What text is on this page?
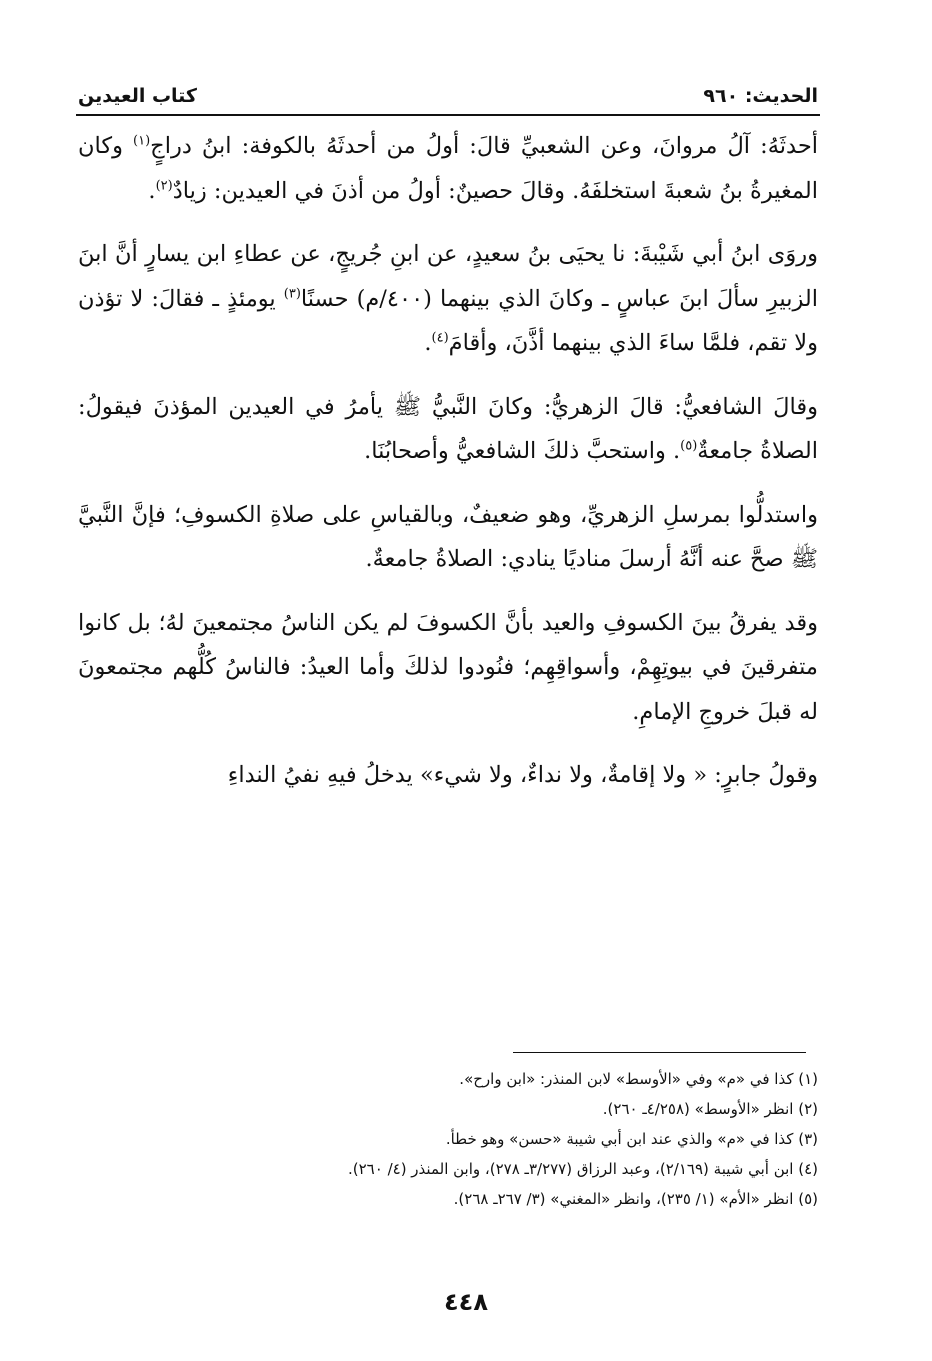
الحديث: ٩٦٠
كتاب العيدين

أحدثَهُ: آلُ مروانَ، وعن الشعبيِّ قالَ: أولُ من أحدثَهُ بالكوفة: ابنُ دراجٍ$^{(١)}$ وكان المغيرةُ بنُ شعبةَ استخلفَهُ. وقالَ حصينٌ: أولُ من أذنَ في العيدين: زيادٌ$^{(٢)}$.

وروَى ابنُ أبي شَيْبةَ: نا يحيَى بنُ سعيدٍ، عن ابنِ جُريجٍ، عن عطاءِ ابن يسارٍ أنَّ ابنَ الزبيرِ سألَ ابنَ عباسٍ ـ وكانَ الذي بينهما (٤٠٠/م) حسنًا$^{(٣)}$ يومئذٍ ـ فقالَ: لا تؤذن ولا تقم، فلمَّا ساءَ الذي بينهما أذَّنَ، وأقامَ$^{(٤)}$.

وقالَ الشافعيُّ: قالَ الزهريُّ: وكانَ النَّبيُّ ﷺ يأمرُ في العيدين المؤذنَ فيقولُ: الصلاةُ جامعةٌ$^{(٥)}$. واستحبَّ ذلكَ الشافعيُّ وأصحابُنَا.

واستدلُّوا بمرسلِ الزهريِّ، وهو ضعيفٌ، وبالقياسِ على صلاةِ الكسوفِ؛ فإنَّ النَّبيَّ ﷺ صحَّ عنه أنَّهُ أرسلَ مناديًا ينادي: الصلاةُ جامعةٌ.

وقد يفرقُ بينَ الكسوفِ والعيد بأنَّ الكسوفَ لم يكن الناسُ مجتمعينَ لهُ؛ بل كانوا متفرقينَ في بيوتِهِمْ، وأسواقِهِم؛ فنُودوا لذلكَ وأما العيدُ: فالناسُ كُلُّهم مجتمعونَ له قبلَ خروجِ الإمامِ.

وقولُ جابرٍ: « ولا إقامةٌ، ولا نداءٌ، ولا شيء» يدخلُ فيهِ نفيُ النداءِ

(١) كذا في «م» وفي «الأوسط» لابن المنذر: «ابن وارح».
(٢) انظر «الأوسط» (٤/٢٥٨ـ ٢٦٠).
(٣) كذا في «م» والذي عند ابن أبي شيبة «حسن» وهو خطأ.
(٤) ابن أبي شيبة (٢/١٦٩)، وعبد الرزاق (٣/٢٧٧ـ ٢٧٨)، وابن المنذر (٤/ ٢٦٠).
(٥) انظر «الأم» (١/ ٢٣٥)، وانظر «المغني» (٣/ ٢٦٧ـ ٢٦٨).
٤٤٨
